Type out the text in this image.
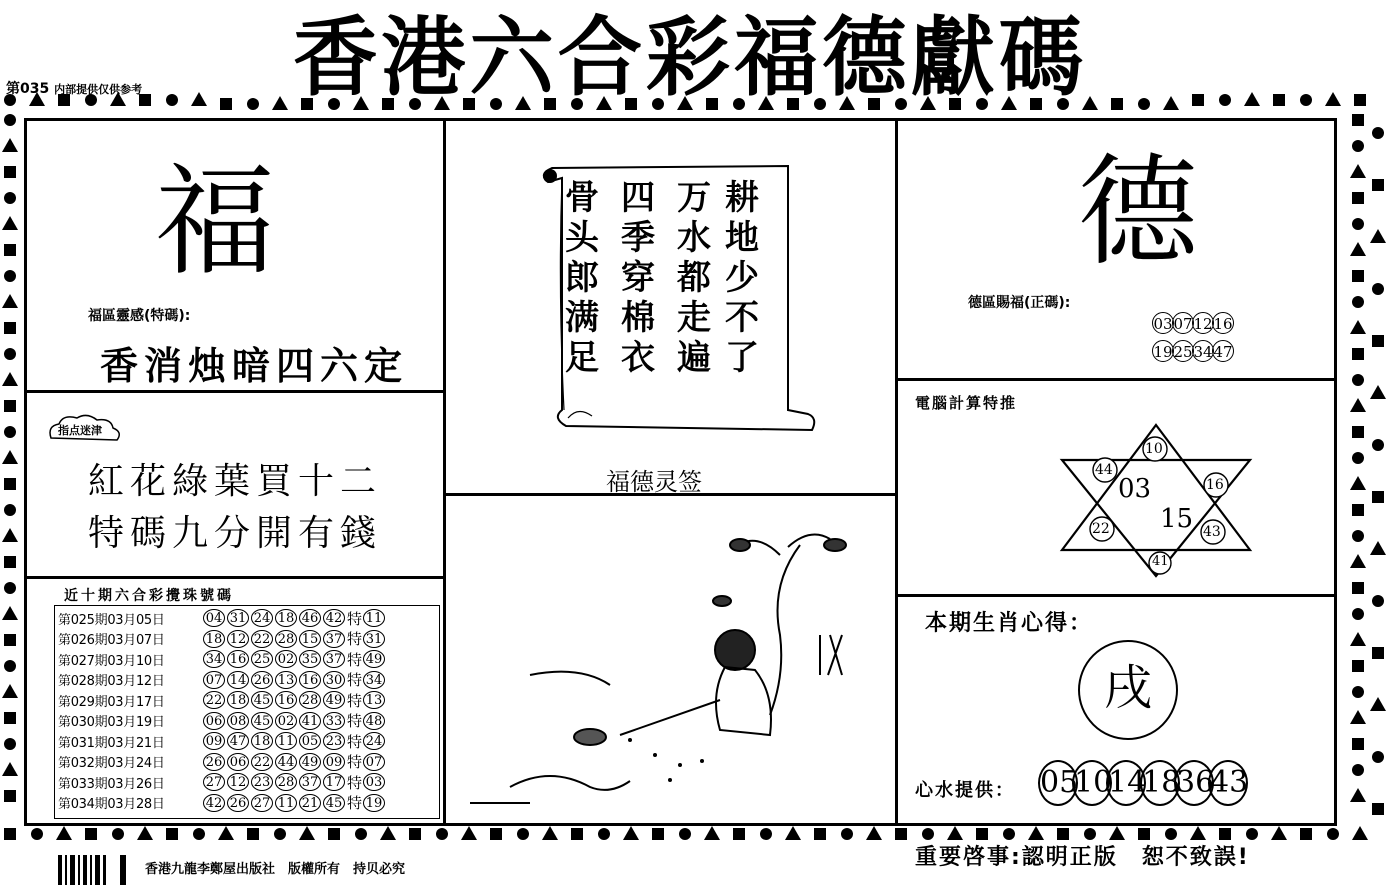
香港六合彩福德獻碼
第035 内部提供仅供参考
福
福區靈感(特碼):
香消烛暗四六定
指点迷津
紅花綠葉買十二
特碼九分開有錢
近十期六合彩攪珠號碼
第025期03月05日	04 31 24 18 46 42 特 11
第026期03月07日	18 12 22 28 15 37 特 31
第027期03月10日	34 16 25 02 35 37 特 49
第028期03月12日	07 14 26 13 16 30 特 34
第029期03月17日	22 18 45 16 28 49 特 13
第030期03月19日	06 08 45 02 41 33 特 48
第031期03月21日	09 47 18 11 05 23 特 24
第032期03月24日	26 06 22 44 49 09 特 07
第033期03月26日	27 12 23 28 37 17 特 03
第034期03月28日	42 26 27 11 21 45 特 19
耕地少不了
万水都走遍
四季穿棉衣
骨头郎满足
福德灵签
德
德區賜福(正碼):
03071216
19253447
電腦計算特推
10
44
16
22	43
41
03
15
本期生肖心得：
戌
心水提供： 051014183643
香港九龍李鄭屋出版社　版權所有　持贝必究	重要啓事:認明正版　恕不致誤!
